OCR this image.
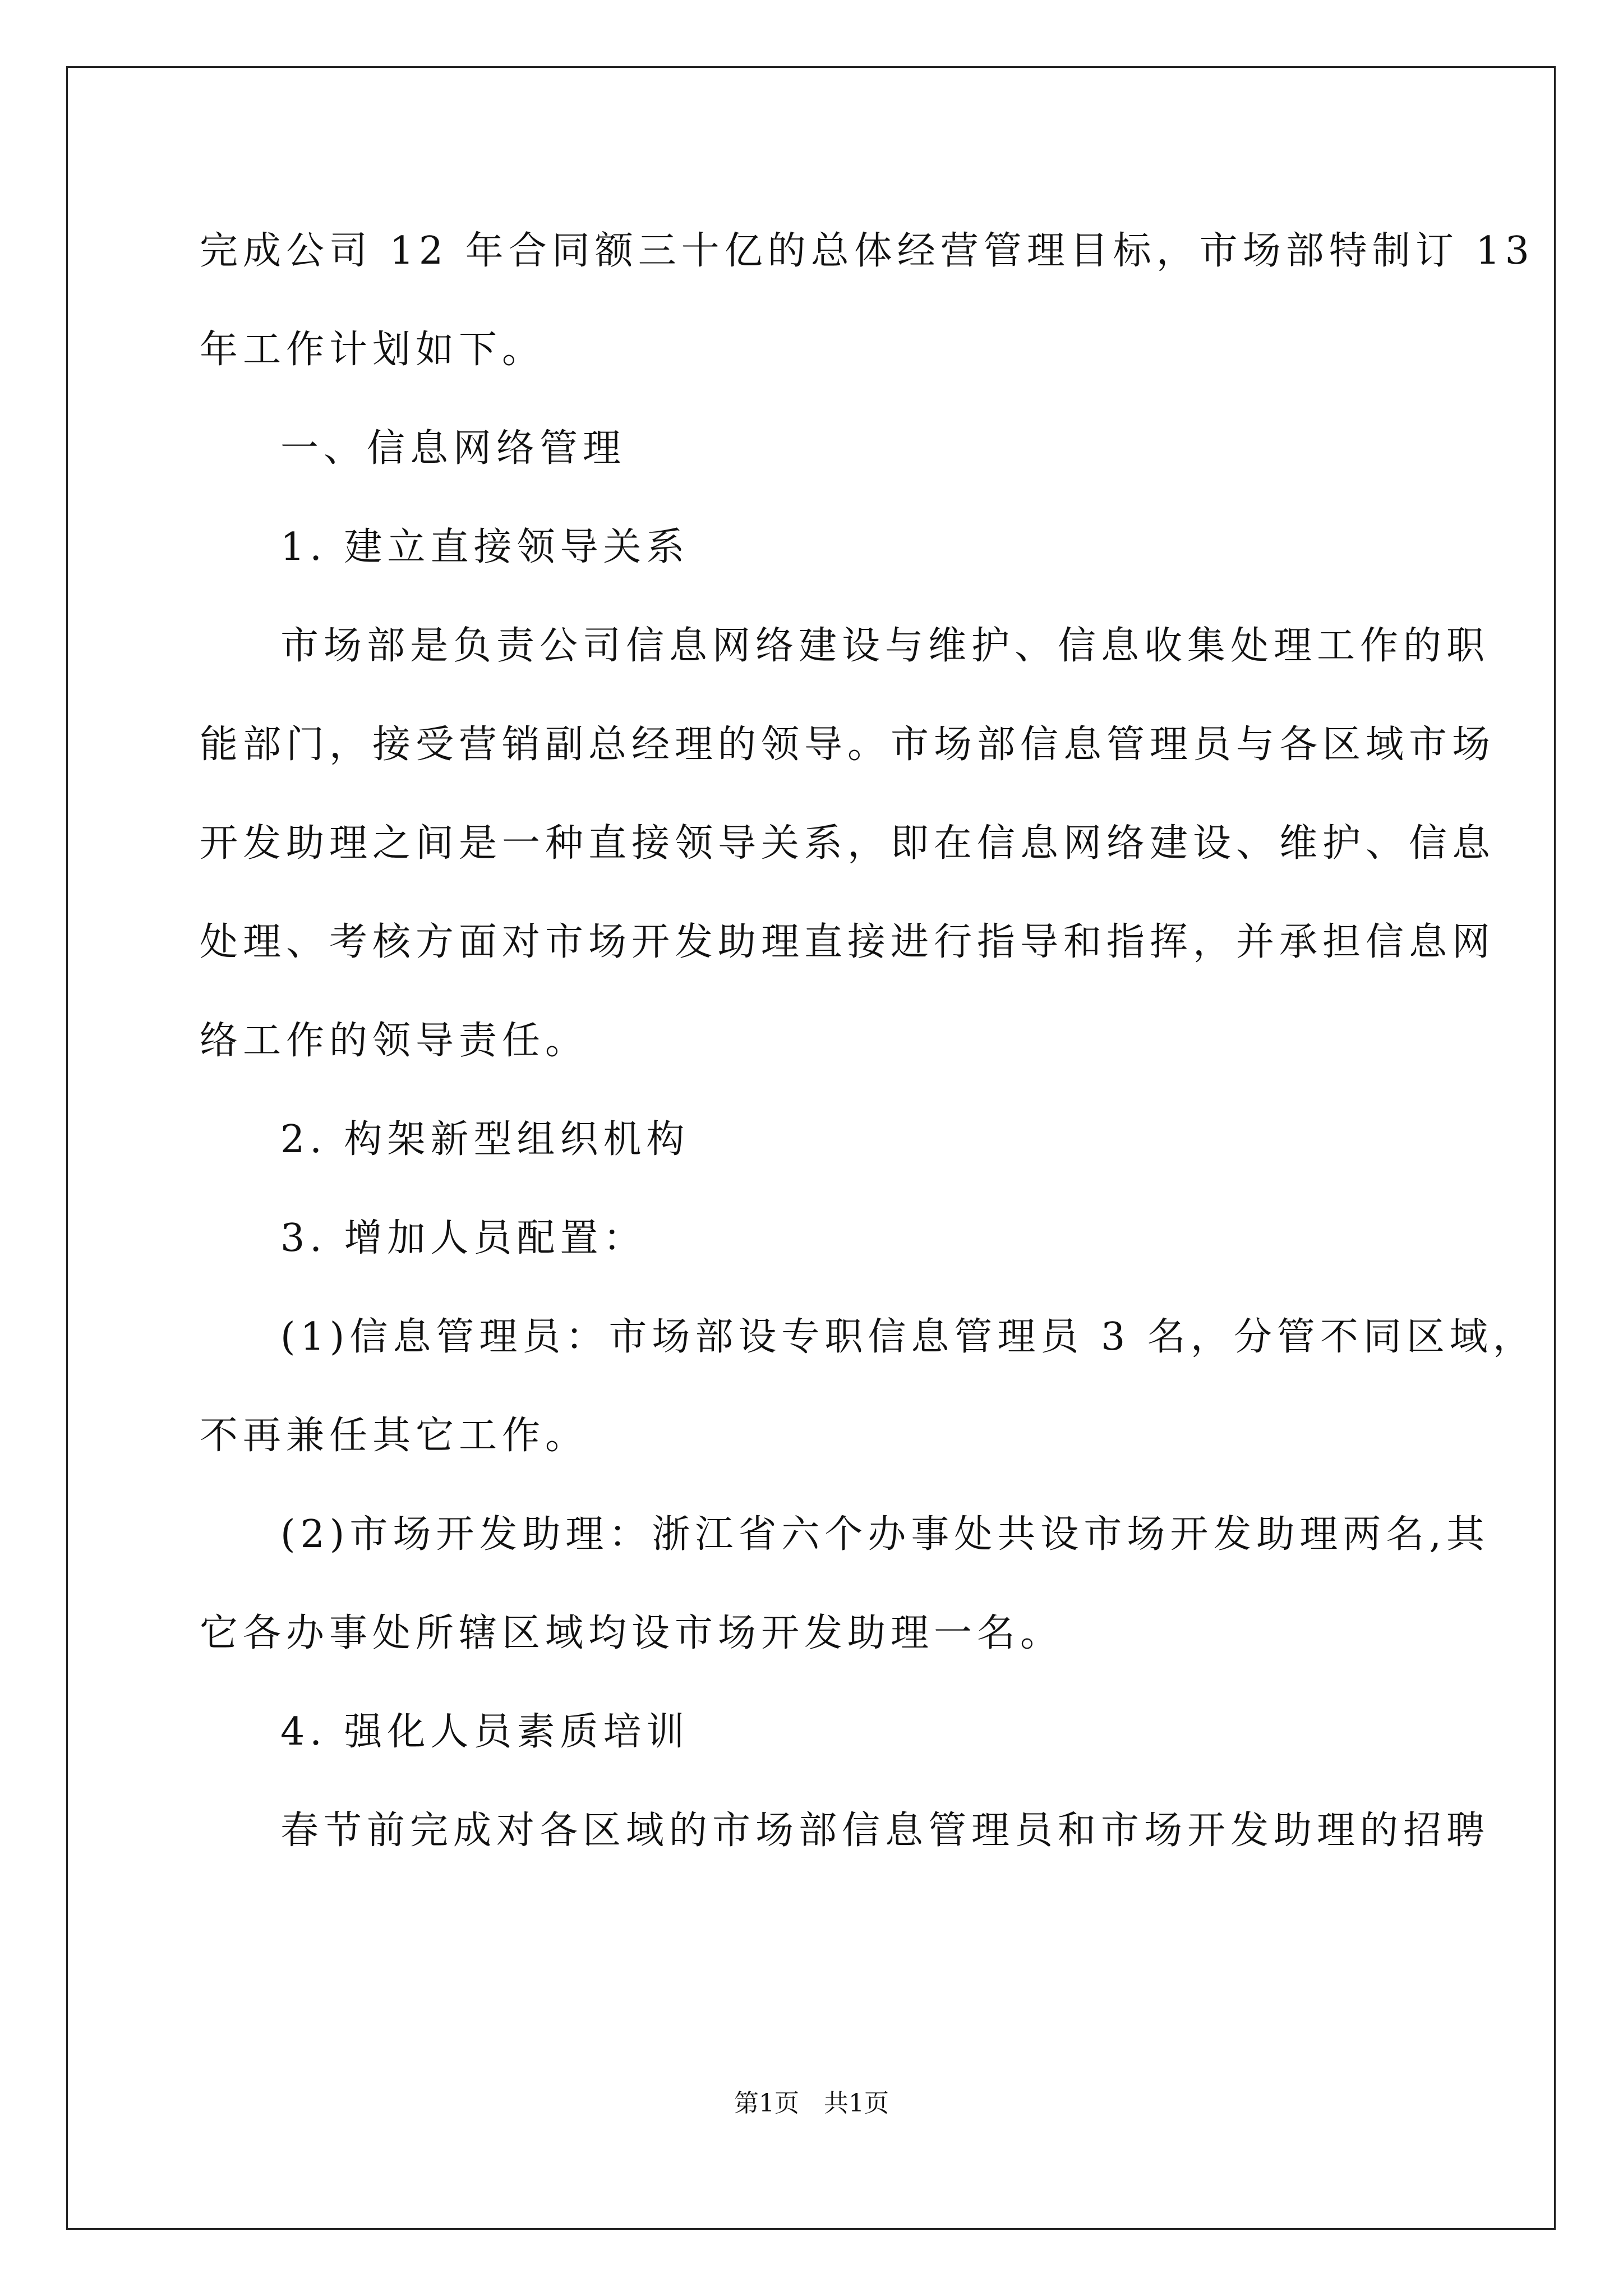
完成公司 12 年合同额三十亿的总体经营管理目标，市场部特制订 13
年工作计划如下。
一、信息网络管理
1. 建立直接领导关系
市场部是负责公司信息网络建设与维护、信息收集处理工作的职
能部门，接受营销副总经理的领导。市场部信息管理员与各区域市场
开发助理之间是一种直接领导关系，即在信息网络建设、维护、信息
处理、考核方面对市场开发助理直接进行指导和指挥，并承担信息网
络工作的领导责任。
2. 构架新型组织机构
3. 增加人员配置：
(1)信息管理员：市场部设专职信息管理员 3 名，分管不同区域，
不再兼任其它工作。
(2)市场开发助理：浙江省六个办事处共设市场开发助理两名,其
它各办事处所辖区域均设市场开发助理一名。
4. 强化人员素质培训
春节前完成对各区域的市场部信息管理员和市场开发助理的招聘
第1页 共1页
